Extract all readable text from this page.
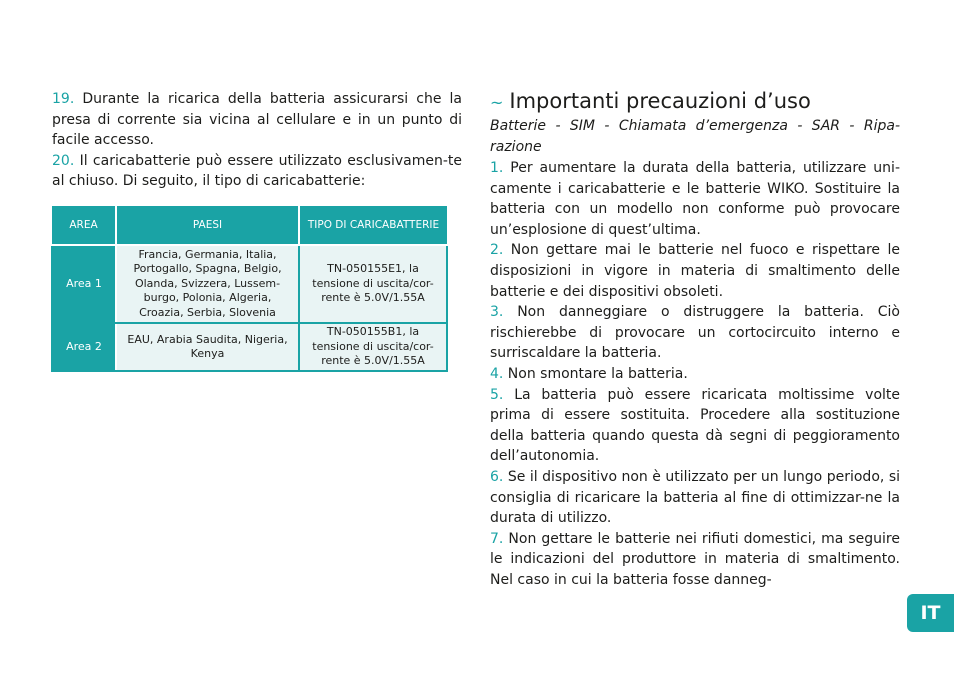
19. Durante la ricarica della batteria assicurarsi che la presa di corrente sia vicina al cellulare e in un punto di facile accesso.

20. Il caricabatterie può essere utilizzato esclusivamen-te al chiuso. Di seguito, il tipo di caricabatterie:

AREA	PAESI	TIPO DI CARICABATTERIE
Area 1	Francia, Germania, Italia, Portogallo, Spagna, Belgio, Olanda, Svizzera, Lussem-burgo, Polonia, Algeria, Croazia, Serbia, Slovenia	TN-050155E1, la tensione di uscita/cor-rente è 5.0V/1.55A
Area 2	EAU, Arabia Saudita, Nigeria, Kenya	TN-050155B1, la tensione di uscita/cor-rente è 5.0V/1.55A
~ Importanti precauzioni d’uso

Batterie - SIM - Chiamata d’emergenza - SAR - Ripa-razione

1. Per aumentare la durata della batteria, utilizzare uni-camente i caricabatterie e le batterie WIKO. Sostituire la batteria con un modello non conforme può provocare un’esplosione di quest’ultima.

2. Non gettare mai le batterie nel fuoco e rispettare le disposizioni in vigore in materia di smaltimento delle batterie e dei dispositivi obsoleti.

3. Non danneggiare o distruggere la batteria. Ciò rischierebbe di provocare un cortocircuito interno e surriscaldare la batteria.

4. Non smontare la batteria.

5. La batteria può essere ricaricata moltissime volte prima di essere sostituita. Procedere alla sostituzione della batteria quando questa dà segni di peggioramento dell’autonomia.

6. Se il dispositivo non è utilizzato per un lungo periodo, si consiglia di ricaricare la batteria al fine di ottimizzar-ne la durata di utilizzo.

7. Non gettare le batterie nei rifiuti domestici, ma seguire le indicazioni del produttore in materia di smaltimento. Nel caso in cui la batteria fosse danneg-

IT
